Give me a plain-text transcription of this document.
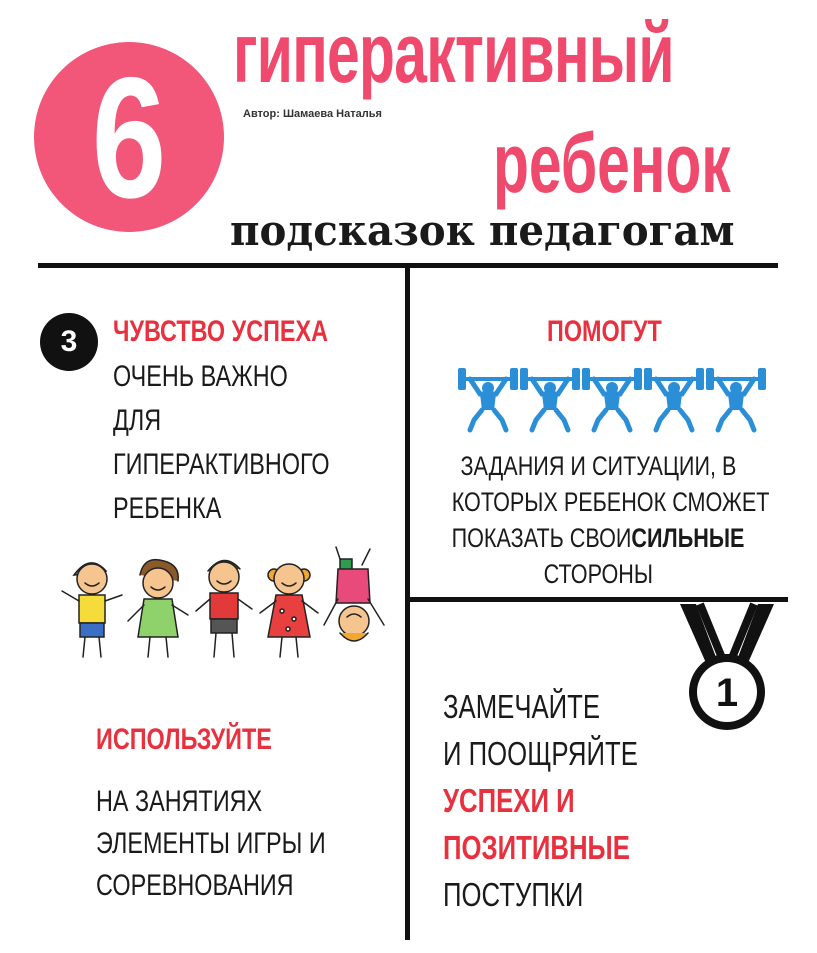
6 гиперактивный
Автор: Шамаева Наталья
ребенок
подсказок педагогам
3	ЧУВСТВО УСПЕХА
ОЧЕНЬ ВАЖНО
ДЛЯ
ГИПЕРАКТИВНОГО
РЕБЕНКА
ИСПОЛЬЗУЙТЕ
НА ЗАНЯТИЯХ
ЭЛЕМЕНТЫ ИГРЫ И
СОРЕВНОВАНИЯ
ПОМОГУТ
ЗАДАНИЯ И СИТУАЦИИ, В
КОТОРЫХ РЕБЕНОК СМОЖЕТ
ПОКАЗАТЬ СВОИСИЛЬНЫЕ
СТОРОНЫ
1
ЗАМЕЧАЙТЕ
И ПООЩРЯЙТЕ
УСПЕХИ И
ПОЗИТИВНЫЕ
ПОСТУПКИ
